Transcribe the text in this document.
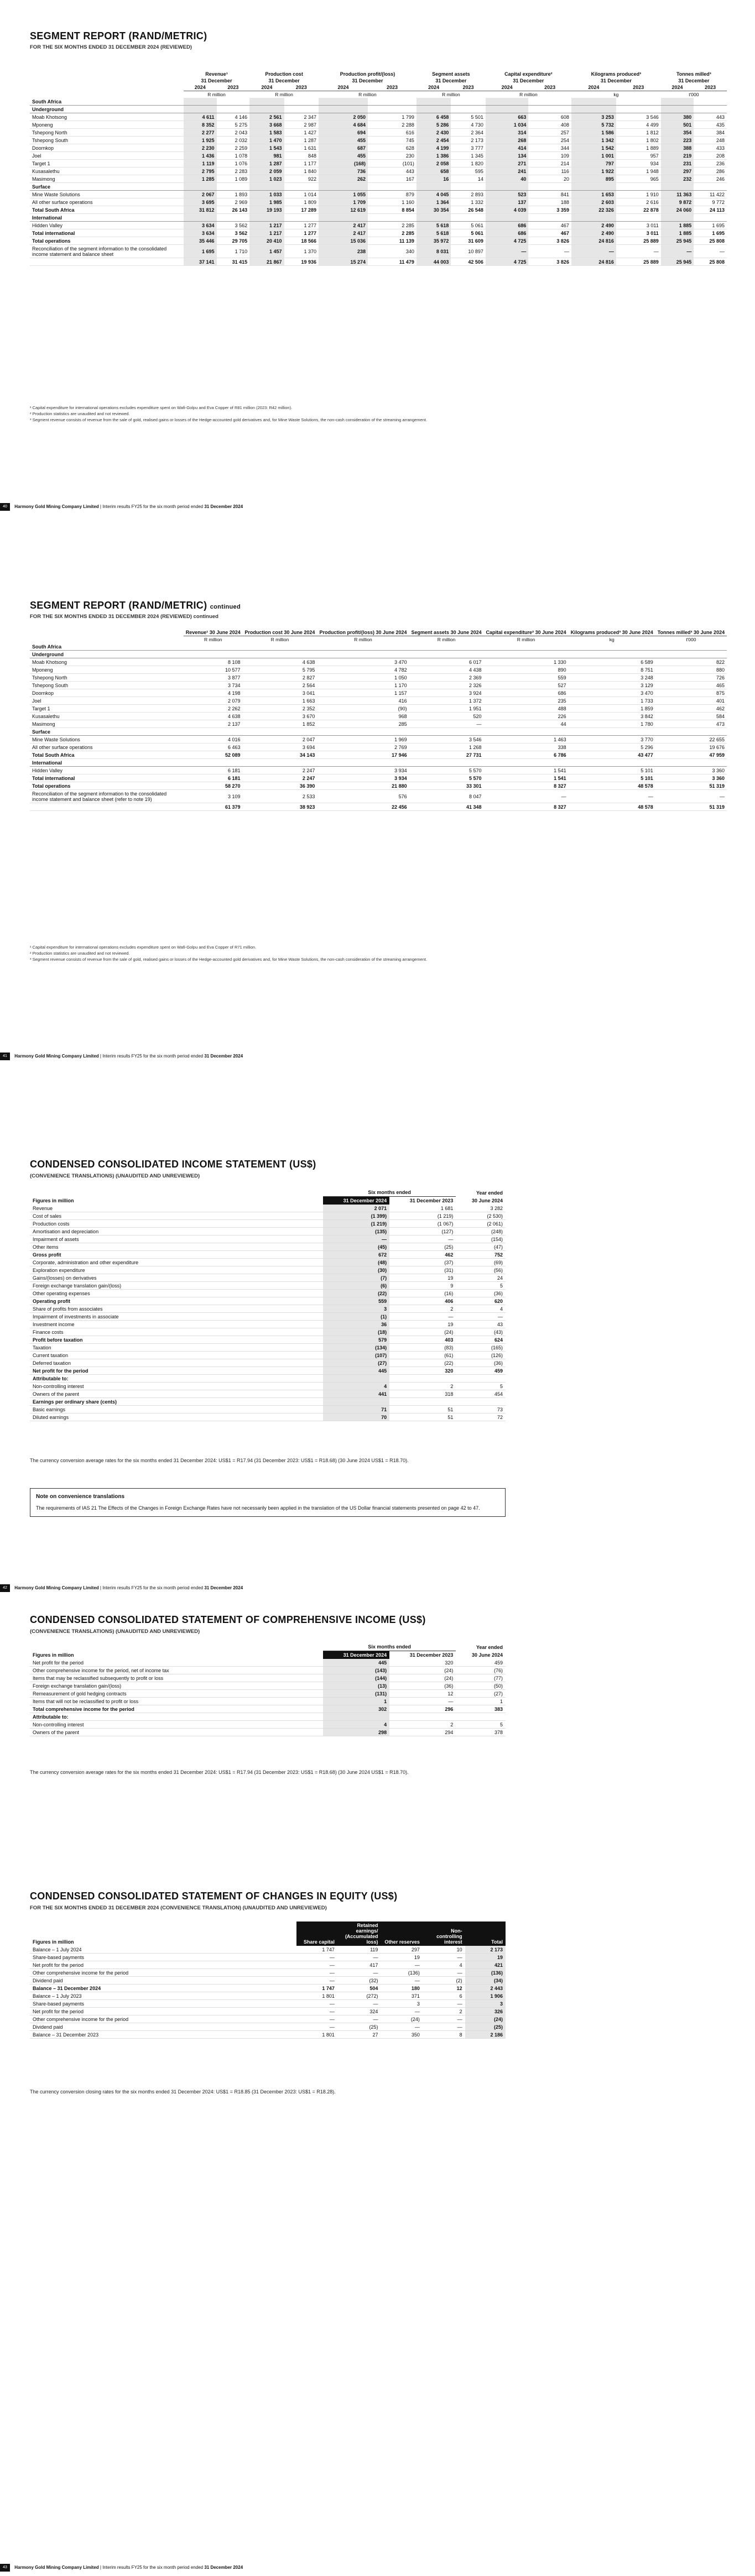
SEGMENT REPORT (RAND/METRIC)
FOR THE SIX MONTHS ENDED 31 DECEMBER 2024 (REVIEWED)
	Revenue¹		Production cost		Production profit/(loss)		Segment assets		Capital expenditure²		Kilograms produced³		Tonnes milled³	
	31 December		31 December		31 December		31 December		31 December		31 December		31 December	
	2024	2023	2024	2023	2024	2023	2024	2023	2024	2023	2024	2023	2024	2023
	R million		R million		R million		R million		R million		kg		t'000	
South Africa														
Underground														
Moab Khotsong	4 611	4 146	2 561	2 347	2 050	1 799	6 458	5 501	663	608	3 253	3 546	380	443
Mponeng	8 352	5 275	3 668	2 987	4 684	2 288	5 286	4 730	1 034	408	5 732	4 499	501	435
Tshepong North	2 277	2 043	1 583	1 427	694	616	2 430	2 364	314	257	1 586	1 812	354	384
Tshepong South	1 925	2 032	1 470	1 287	455	745	2 454	2 173	268	254	1 342	1 802	223	248
Doornkop	2 230	2 259	1 543	1 631	687	628	4 199	3 777	414	344	1 542	1 889	388	433
Joel	1 436	1 078	981	848	455	230	1 386	1 345	134	109	1 001	957	219	208
Target 1	1 119	1 076	1 287	1 177	(168)	(101)	2 058	1 820	271	214	797	934	231	236
Kusasalethu	2 795	2 283	2 059	1 840	736	443	658	595	241	116	1 922	1 948	297	286
Masimong	1 285	1 089	1 023	922	262	167	16	14	40	20	895	965	232	246
Surface														
Mine Waste Solutions	2 067	1 893	1 033	1 014	1 055	879	4 045	2 893	523	841	1 653	1 910	11 363	11 422
All other surface operations	3 695	2 969	1 985	1 809	1 709	1 160	1 364	1 332	137	188	2 603	2 616	9 872	9 772
Total South Africa	31 812	26 143	19 193	17 289	12 619	8 854	30 354	26 548	4 039	3 359	22 326	22 878	24 060	24 113
International														
Hidden Valley	3 634	3 562	1 217	1 277	2 417	2 285	5 618	5 061	686	467	2 490	3 011	1 885	1 695
Total international	3 634	3 562	1 217	1 277	2 417	2 285	5 618	5 061	686	467	2 490	3 011	1 885	1 695
Total operations	35 446	29 705	20 410	18 566	15 036	11 139	35 972	31 609	4 725	3 826	24 816	25 889	25 945	25 808
Reconciliation of the segment information to the consolidated income statement and balance sheet	1 695	1 710	1 457	1 370	238	340	8 031	10 897	—	—	—	—	—	—
	37 141	31 415	21 867	19 936	15 274	11 479	44 003	42 506	4 725	3 826	24 816	25 889	25 945	25 808
¹ Capital expenditure for international operations excludes expenditure spent on Wafi-Golpu and Eva Copper of R81 million (2023: R42 million).
² Production statistics are unaudited and not reviewed.
³ Segment revenue consists of revenue from the sale of gold, realised gains or losses of the Hedge-accounted gold derivatives and, for Mine Waste Solutions, the non-cash consideration of the streaming arrangement.
40 Harmony Gold Mining Company Limited | Interim results FY25 for the six month period ended 31 December 2024
SEGMENT REPORT (RAND/METRIC) continued
FOR THE SIX MONTHS ENDED 31 DECEMBER 2024 (REVIEWED) continued
	Revenue¹ 30 June 2024	Production cost 30 June 2024	Production profit/(loss) 30 June 2024	Segment assets 30 June 2024	Capital expenditure² 30 June 2024	Kilograms produced³ 30 June 2024	Tonnes milled³ 30 June 2024
	R million	R million	R million	R million	R million	kg	t'000
South Africa							
Underground							
Moab Khotsong	8 108	4 638	3 470	6 017	1 330	6 589	822
Mponeng	10 577	5 795	4 782	4 438	890	8 751	880
Tshepong North	3 877	2 827	1 050	2 369	559	3 248	726
Tshepong South	3 734	2 564	1 170	2 326	527	3 129	465
Doornkop	4 198	3 041	1 157	3 924	686	3 470	875
Joel	2 079	1 663	416	1 372	235	1 733	401
Target 1	2 262	2 352	(90)	1 951	488	1 859	462
Kusasalethu	4 638	3 670	968	520	226	3 842	584
Masimong	2 137	1 852	285	—	44	1 780	473
Surface							
Mine Waste Solutions	4 016	2 047	1 969	3 546	1 463	3 770	22 655
All other surface operations	6 463	3 694	2 769	1 268	338	5 296	19 676
Total South Africa	52 089	34 143	17 946	27 731	6 786	43 477	47 959
International							
Hidden Valley	6 181	2 247	3 934	5 570	1 541	5 101	3 360
Total international	6 181	2 247	3 934	5 570	1 541	5 101	3 360
Total operations	58 270	36 390	21 880	33 301	8 327	48 578	51 319
Reconciliation of the segment information to the consolidated income statement and balance sheet (refer to note 19)	3 109	2 533	576	8 047	—	—	—
	61 379	38 923	22 456	41 348	8 327	48 578	51 319
¹ Capital expenditure for international operations excludes expenditure spent on Wafi-Golpu and Eva Copper of R71 million.
² Production statistics are unaudited and not reviewed.
³ Segment revenue consists of revenue from the sale of gold, realised gains or losses of the Hedge-accounted gold derivatives and, for Mine Waste Solutions, the non-cash consideration of the streaming arrangement.
41 Harmony Gold Mining Company Limited | Interim results FY25 for the six month period ended 31 December 2024
CONDENSED CONSOLIDATED INCOME STATEMENT (US$)
(CONVENIENCE TRANSLATIONS) (UNAUDITED AND UNREVIEWED)
	Six months ended		Year ended
Figures in million	31 December 2024	31 December 2023	30 June 2024
Revenue	2 071	1 681	3 282
Cost of sales	(1 399)	(1 219)	(2 530)
Production costs	(1 219)	(1 067)	(2 061)
Amortisation and depreciation	(135)	(127)	(248)
Impairment of assets	—	—	(154)
Other items	(45)	(25)	(47)
Gross profit	672	462	752
Corporate, administration and other expenditure	(48)	(37)	(69)
Exploration expenditure	(30)	(31)	(56)
Gains/(losses) on derivatives	(7)	19	24
Foreign exchange translation gain/(loss)	(6)	9	5
Other operating expenses	(22)	(16)	(36)
Operating profit	559	406	620
Share of profits from associates	3	2	4
Impairment of investments in associate	(1)	—	—
Investment income	36	19	43
Finance costs	(18)	(24)	(43)
Profit before taxation	579	403	624
Taxation	(134)	(83)	(165)
Current taxation	(107)	(61)	(126)
Deferred taxation	(27)	(22)	(36)
Net profit for the period	445	320	459
Attributable to:			
Non-controlling interest	4	2	5
Owners of the parent	441	318	454
Earnings per ordinary share (cents)			
Basic earnings	71	51	73
Diluted earnings	70	51	72
The currency conversion average rates for the six months ended 31 December 2024: US$1 = R17.94 (31 December 2023: US$1 = R18.68) (30 June 2024 US$1 = R18.70).
Note on convenience translations
The requirements of IAS 21 The Effects of the Changes in Foreign Exchange Rates have not necessarily been applied in the translation of the US Dollar financial statements presented on page 42 to 47.
42 Harmony Gold Mining Company Limited | Interim results FY25 for the six month period ended 31 December 2024
CONDENSED CONSOLIDATED STATEMENT OF COMPREHENSIVE INCOME (US$)
(CONVENIENCE TRANSLATIONS) (UNAUDITED AND UNREVIEWED)
	Six months ended		Year ended
Figures in million	31 December 2024	31 December 2023	30 June 2024
Net profit for the period	445	320	459
Other comprehensive income for the period, net of income tax	(143)	(24)	(76)
Items that may be reclassified subsequently to profit or loss	(144)	(24)	(77)
Foreign exchange translation gain/(loss)	(13)	(36)	(50)
Remeasurement of gold hedging contracts	(131)	12	(27)
Items that will not be reclassified to profit or loss	1	—	1
Total comprehensive income for the period	302	296	383
Attributable to:			
Non-controlling interest	4	2	5
Owners of the parent	298	294	378
The currency conversion average rates for the six months ended 31 December 2024: US$1 = R17.94 (31 December 2023: US$1 = R18.68) (30 June 2024 US$1 = R18.70).
CONDENSED CONSOLIDATED STATEMENT OF CHANGES IN EQUITY (US$)
FOR THE SIX MONTHS ENDED 31 DECEMBER 2024 (CONVENIENCE TRANSLATION) (UNAUDITED AND UNREVIEWED)
Figures in million	Share capital	Retained earnings/ (Accumulated loss)	Other reserves	Non-controlling interest	Total
Balance – 1 July 2024	1 747	119	297	10	2 173
Share-based payments	—	—	19	—	19
Net profit for the period	—	417	—	4	421
Other comprehensive income for the period	—	—	(136)	—	(136)
Dividend paid	—	(32)	—	(2)	(34)
Balance – 31 December 2024	1 747	504	180	12	2 443
Balance – 1 July 2023	1 801	(272)	371	6	1 906
Share-based payments	—	—	3	—	3
Net profit for the period	—	324	—	2	326
Other comprehensive income for the period	—	—	(24)	—	(24)
Dividend paid	—	(25)	—	—	(25)
Balance – 31 December 2023	1 801	27	350	8	2 186
The currency conversion closing rates for the six months ended 31 December 2024: US$1 = R18.85 (31 December 2023: US$1 = R18.28).
43 Harmony Gold Mining Company Limited | Interim results FY25 for the six month period ended 31 December 2024
